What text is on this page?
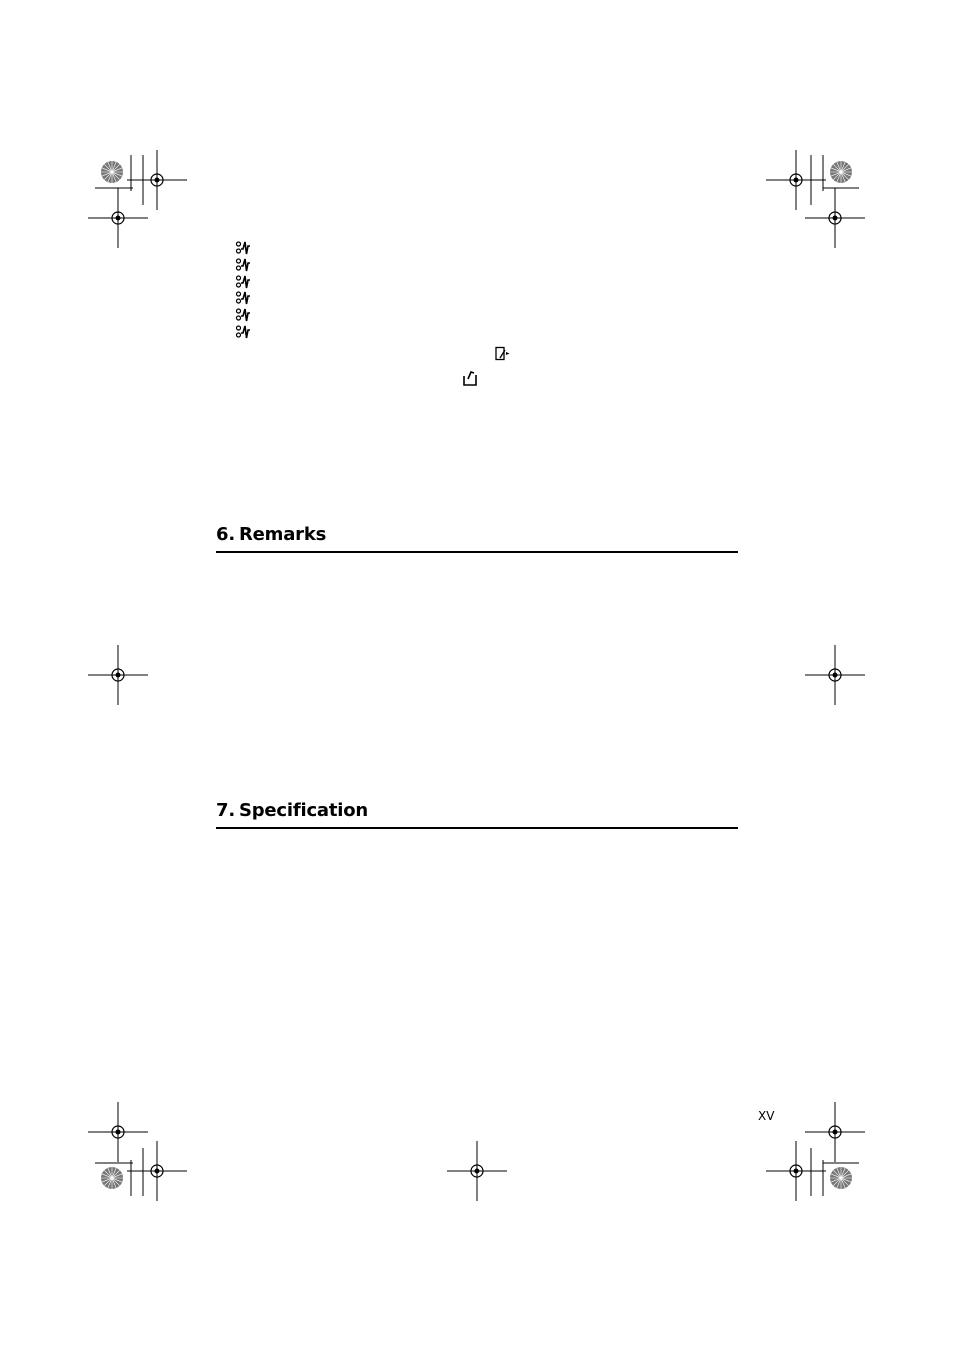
6. Remarks
7. Specification
XV
